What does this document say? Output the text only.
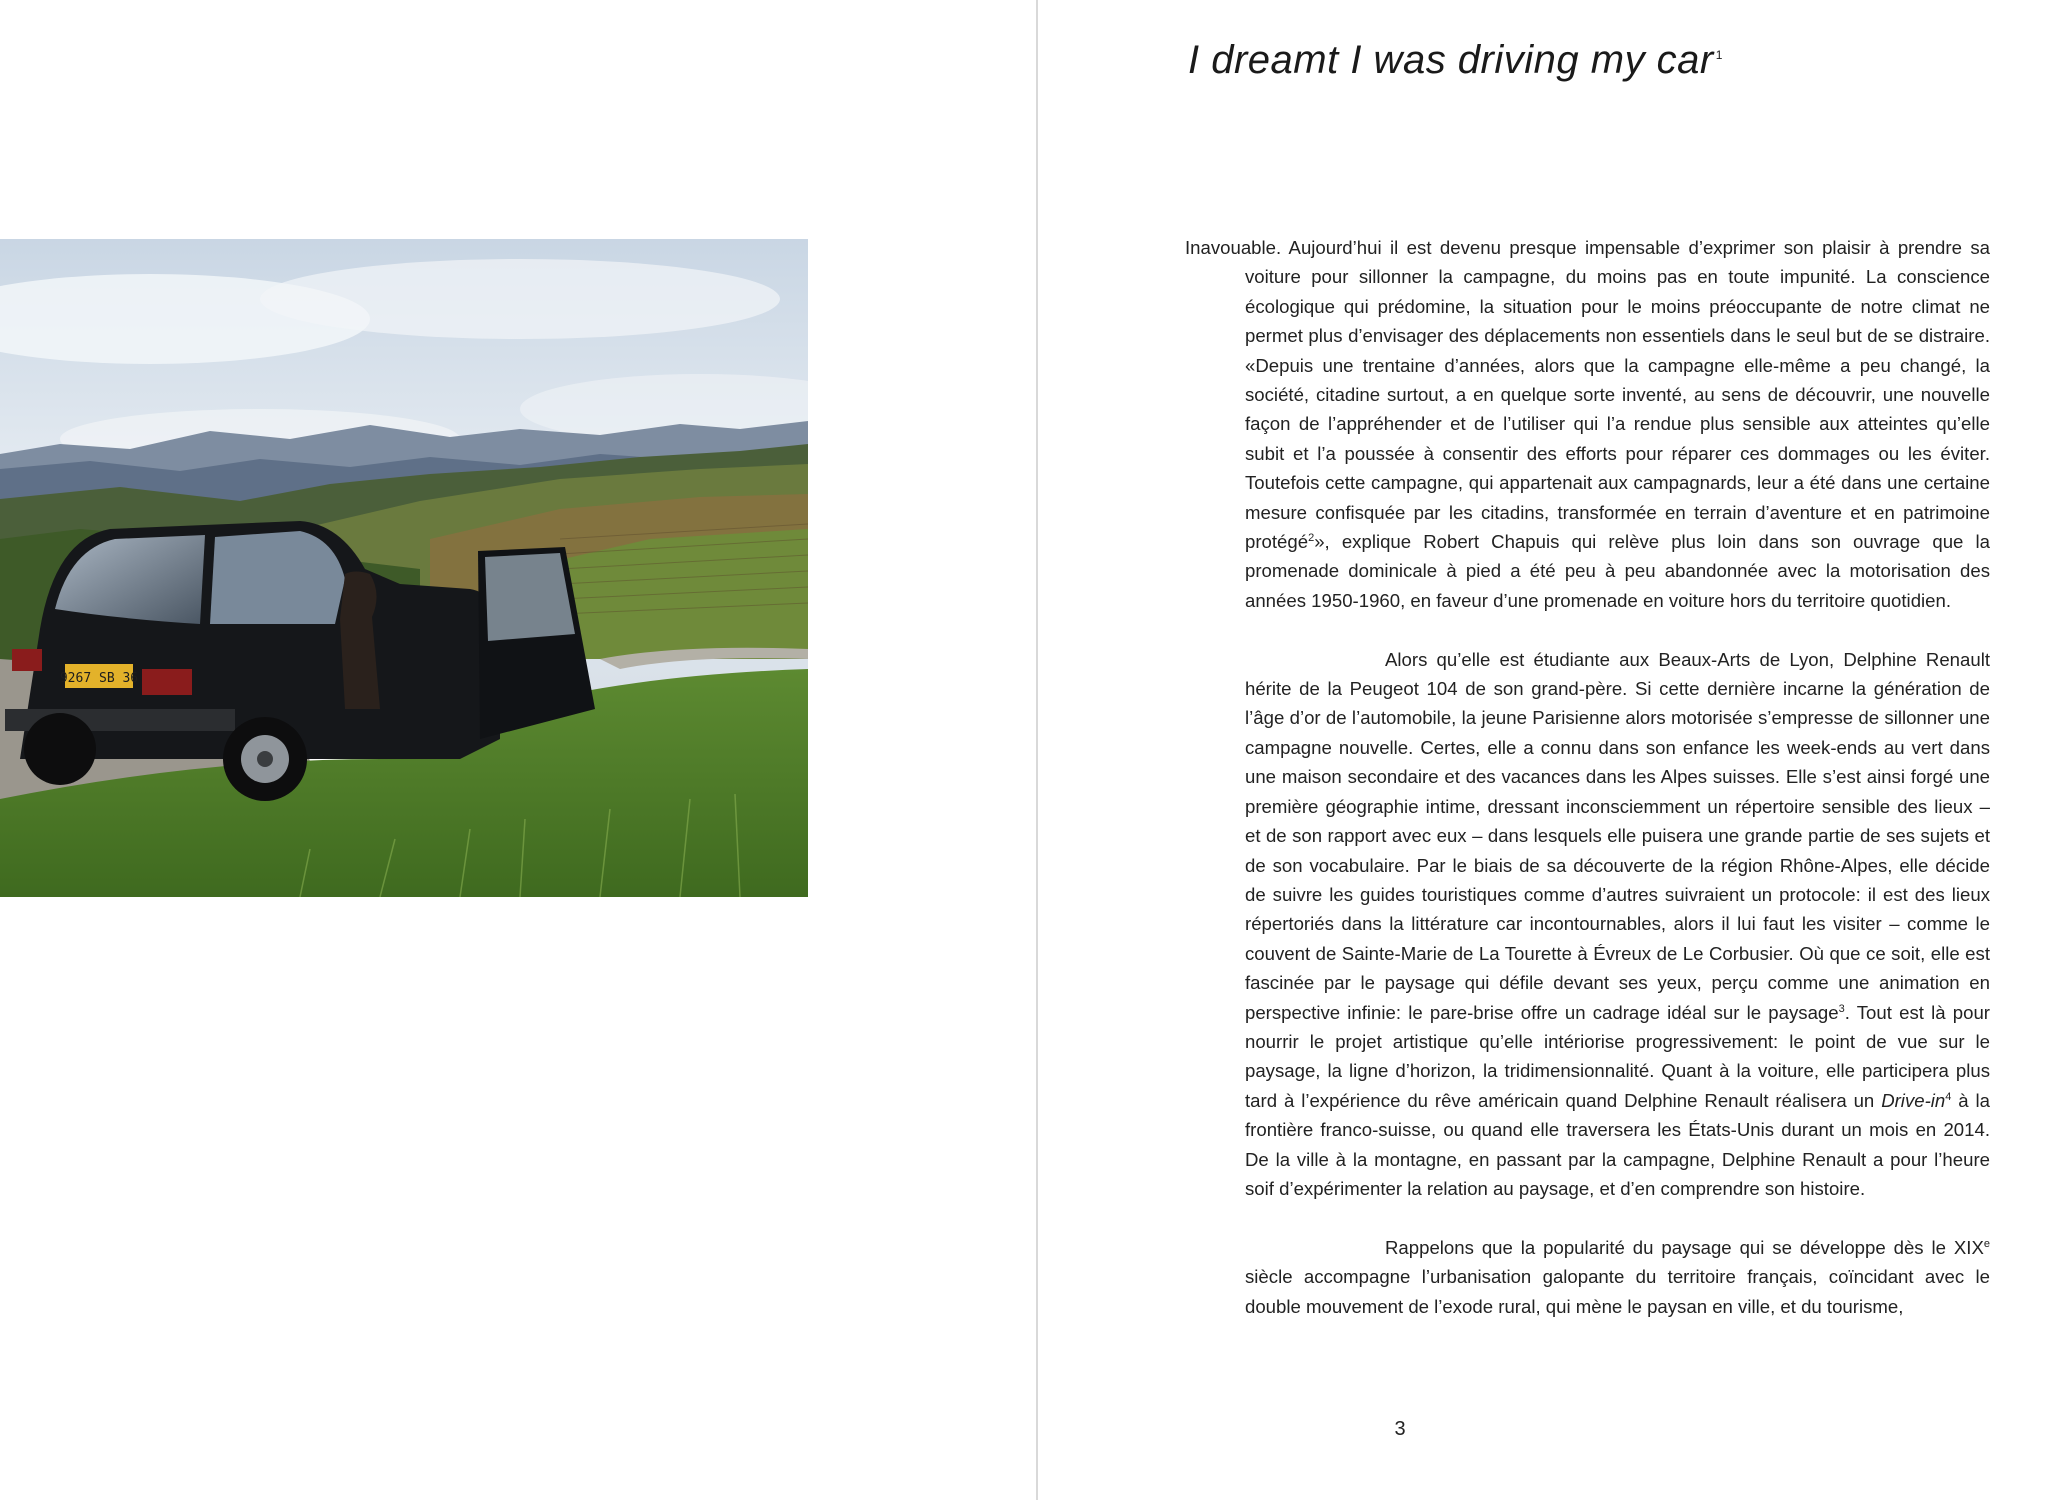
9267 SB 36
I dreamt I was driving my car $^1$

Inavouable. Aujourd’hui il est devenu presque impensable d’exprimer son plaisir à prendre sa voiture pour sillonner la campagne, du moins pas en toute impunité. La conscience écologique qui prédomine, la situation pour le moins préoccupante de notre climat ne permet plus d’envisager des déplacements non essentiels dans le seul but de se distraire. «Depuis une trentaine d’années, alors que la campagne elle-même a peu changé, la société, citadine surtout, a en quelque sorte inventé, au sens de découvrir, une nouvelle façon de l’appréhender et de l’utiliser qui l’a rendue plus sensible aux atteintes qu’elle subit et l’a poussée à consentir des efforts pour réparer ces dommages ou les éviter. Toutefois cette campagne, qui appartenait aux campagnards, leur a été dans une certaine mesure confisquée par les citadins, transformée en terrain d’aventure et en patrimoine protégé$^2$», explique Robert Chapuis qui relève plus loin dans son ouvrage que la promenade dominicale à pied a été peu à peu abandonnée avec la motorisation des années 1950-1960, en faveur d’une promenade en voiture hors du territoire quotidien.

Alors qu’elle est étudiante aux Beaux-Arts de Lyon, Delphine Renault hérite de la Peugeot 104 de son grand-père. Si cette dernière incarne la génération de l’âge d’or de l’automobile, la jeune Parisienne alors motorisée s’empresse de sillonner une campagne nouvelle. Certes, elle a connu dans son enfance les week-ends au vert dans une maison secondaire et des vacances dans les Alpes suisses. Elle s’est ainsi forgé une première géographie intime, dressant inconsciemment un répertoire sensible des lieux – et de son rapport avec eux – dans lesquels elle puisera une grande partie de ses sujets et de son vocabulaire. Par le biais de sa découverte de la région Rhône-Alpes, elle décide de suivre les guides touristiques comme d’autres suivraient un protocole: il est des lieux répertoriés dans la littérature car incontournables, alors il lui faut les visiter – comme le couvent de Sainte-Marie de La Tourette à Évreux de Le Corbusier. Où que ce soit, elle est fascinée par le paysage qui défile devant ses yeux, perçu comme une animation en perspective infinie: le pare-brise offre un cadrage idéal sur le paysage$^3$. Tout est là pour nourrir le projet artistique qu’elle intériorise progressivement: le point de vue sur le paysage, la ligne d’horizon, la tridimensionnalité. Quant à la voiture, elle participera plus tard à l’expérience du rêve américain quand Delphine Renault réalisera un Drive-$in^4$ à la frontière franco-suisse, ou quand elle traversera les États-Unis durant un mois en 2014. De la ville à la montagne, en passant par la campagne, Delphine Renault a pour l’heure soif d’expérimenter la relation au paysage, et d’en comprendre son histoire.

Rappelons que la popularité du paysage qui se développe dès le XIXe siècle accompagne l’urbanisation galopante du territoire français, coïncidant avec le double mouvement de l’exode rural, qui mène le paysan en ville, et du tourisme,

3
